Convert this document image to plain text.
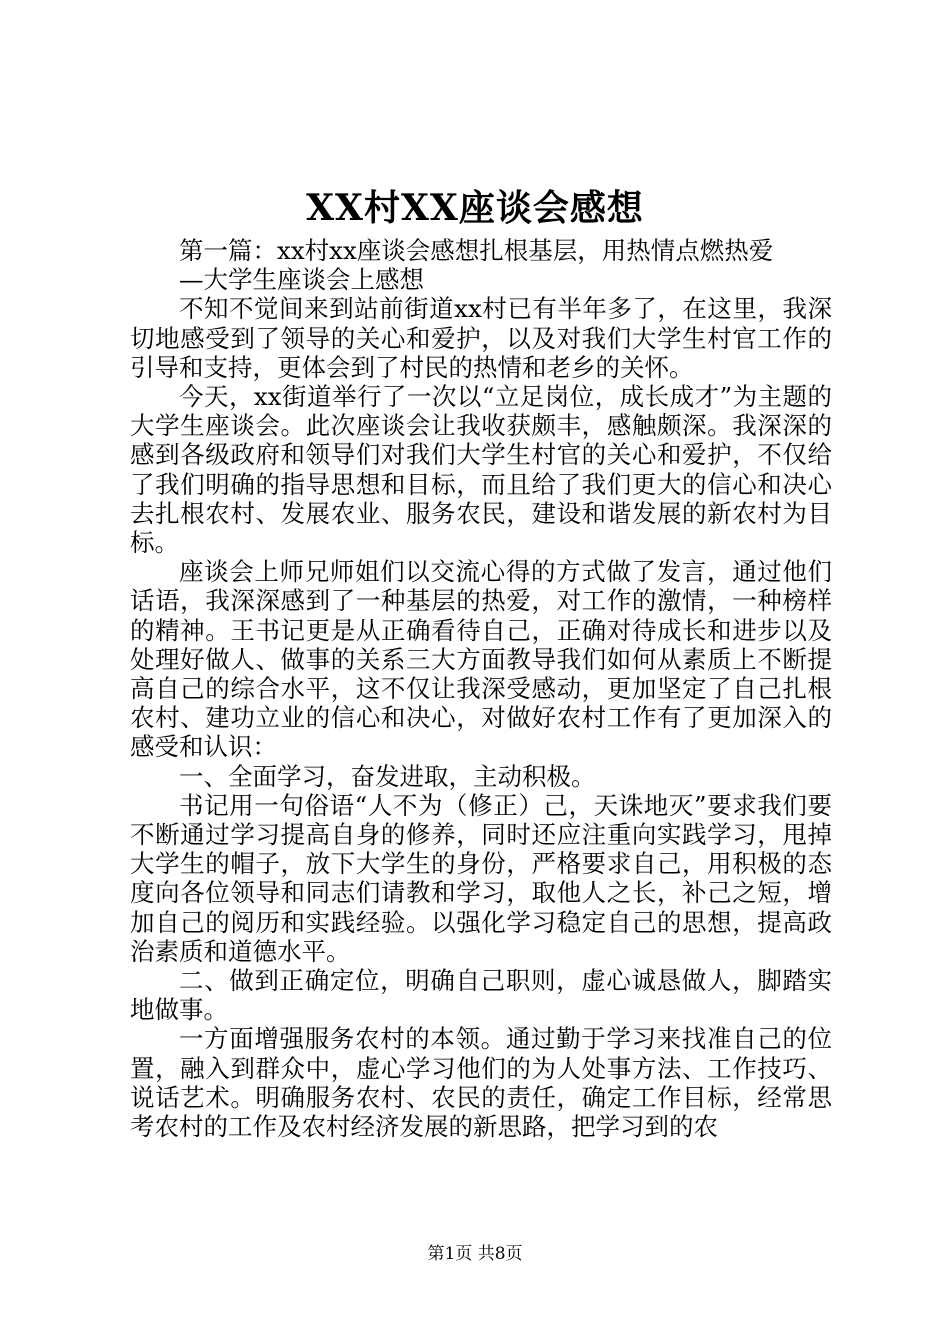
XX村XX座谈会感想

第一篇：xx村xx座谈会感想扎根基层，用热情点燃热爱

—大学生座谈会上感想

不知不觉间来到站前街道xx村已有半年多了，在这里，我深切地感受到了领导的关心和爱护，以及对我们大学生村官工作的引导和支持，更体会到了村民的热情和老乡的关怀。

今天，xx街道举行了一次以“立足岗位，成长成才”为主题的大学生座谈会。此次座谈会让我收获颇丰，感触颇深。我深深的感到各级政府和领导们对我们大学生村官的关心和爱护，不仅给了我们明确的指导思想和目标，而且给了我们更大的信心和决心去扎根农村、发展农业、服务农民，建设和谐发展的新农村为目标。

座谈会上师兄师姐们以交流心得的方式做了发言，通过他们话语，我深深感到了一种基层的热爱，对工作的激情，一种榜样的精神。王书记更是从正确看待自己，正确对待成长和进步以及处理好做人、做事的关系三大方面教导我们如何从素质上不断提高自己的综合水平，这不仅让我深受感动，更加坚定了自己扎根农村、建功立业的信心和决心，对做好农村工作有了更加深入的感受和认识：

一、全面学习，奋发进取，主动积极。

书记用一句俗语“人不为（修正）己，天诛地灭”要求我们要不断通过学习提高自身的修养，同时还应注重向实践学习，甩掉大学生的帽子，放下大学生的身份，严格要求自己，用积极的态度向各位领导和同志们请教和学习，取他人之长，补己之短，增加自己的阅历和实践经验。以强化学习稳定自己的思想，提高政治素质和道德水平。

二、做到正确定位，明确自己职则，虚心诚恳做人，脚踏实地做事。

一方面增强服务农村的本领。通过勤于学习来找准自己的位置，融入到群众中，虚心学习他们的为人处事方法、工作技巧、说话艺术。明确服务农村、农民的责任，确定工作目标，经常思考农村的工作及农村经济发展的新思路，把学习到的农

第1页 共8页
